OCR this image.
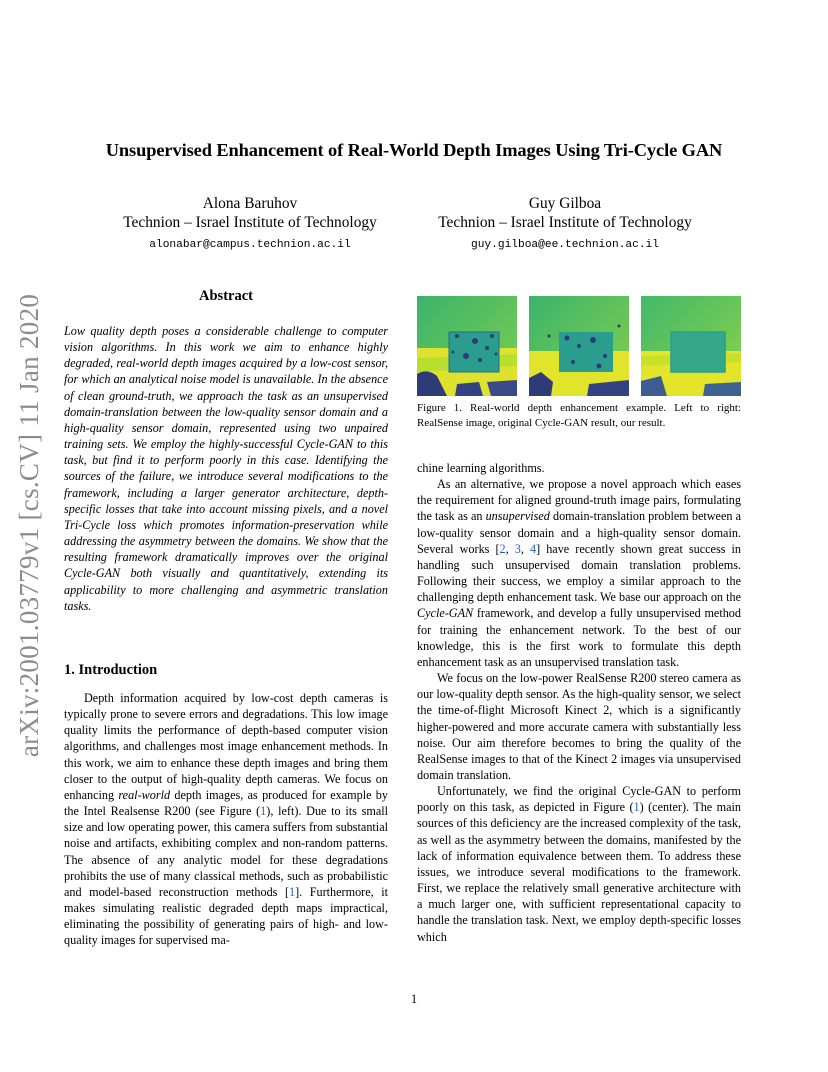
arXiv:2001.03779v1 [cs.CV] 11 Jan 2020
Unsupervised Enhancement of Real-World Depth Images Using Tri-Cycle GAN
Alona Baruhov
Technion – Israel Institute of Technology
alonabar@campus.technion.ac.il
Guy Gilboa
Technion – Israel Institute of Technology
guy.gilboa@ee.technion.ac.il
Abstract

Low quality depth poses a considerable challenge to computer vision algorithms. In this work we aim to enhance highly degraded, real-world depth images acquired by a low-cost sensor, for which an analytical noise model is unavailable. In the absence of clean ground-truth, we approach the task as an unsupervised domain-translation between the low-quality sensor domain and a high-quality sensor domain, represented using two unpaired training sets. We employ the highly-successful Cycle-GAN to this task, but find it to perform poorly in this case. Identifying the sources of the failure, we introduce several modifications to the framework, including a larger generator architecture, depth-specific losses that take into account missing pixels, and a novel Tri-Cycle loss which promotes information-preservation while addressing the asymmetry between the domains. We show that the resulting framework dramatically improves over the original Cycle-GAN both visually and quantitatively, extending its applicability to more challenging and asymmetric translation tasks.

1. Introduction

Depth information acquired by low-cost depth cameras is typically prone to severe errors and degradations. This low image quality limits the performance of depth-based computer vision algorithms, and challenges most image enhancement methods. In this work, we aim to enhance these depth images and bring them closer to the output of high-quality depth cameras. We focus on enhancing real-world depth images, as produced for example by the Intel Realsense R200 (see Figure (1), left). Due to its small size and low operating power, this camera suffers from substantial noise and artifacts, exhibiting complex and non-random patterns. The absence of any analytic model for these degradations prohibits the use of many classical methods, such as probabilistic and model-based reconstruction methods [1]. Furthermore, it makes simulating realistic degraded depth maps impractical, eliminating the possibility of generating pairs of high- and low-quality images for supervised ma-

Figure 1. Real-world depth enhancement example. Left to right: RealSense image, original Cycle-GAN result, our result.

chine learning algorithms.

As an alternative, we propose a novel approach which eases the requirement for aligned ground-truth image pairs, formulating the task as an unsupervised domain-translation problem between a low-quality sensor domain and a high-quality sensor domain. Several works [2, 3, 4] have recently shown great success in handling such unsupervised domain translation problems. Following their success, we employ a similar approach to the challenging depth enhancement task. We base our approach on the Cycle-GAN framework, and develop a fully unsupervised method for training the enhancement network. To the best of our knowledge, this is the first work to formulate this depth enhancement task as an unsupervised translation task.

We focus on the low-power RealSense R200 stereo camera as our low-quality depth sensor. As the high-quality sensor, we select the time-of-flight Microsoft Kinect 2, which is a significantly higher-powered and more accurate camera with substantially less noise. Our aim therefore becomes to bring the quality of the RealSense images to that of the Kinect 2 images via unsupervised domain translation.

Unfortunately, we find the original Cycle-GAN to perform poorly on this task, as depicted in Figure (1) (center). The main sources of this deficiency are the increased complexity of the task, as well as the asymmetry between the domains, manifested by the lack of information equivalence between them. To address these issues, we introduce several modifications to the framework. First, we replace the relatively small generative architecture with a much larger one, with sufficient representational capacity to handle the translation task. Next, we employ depth-specific losses which

1
